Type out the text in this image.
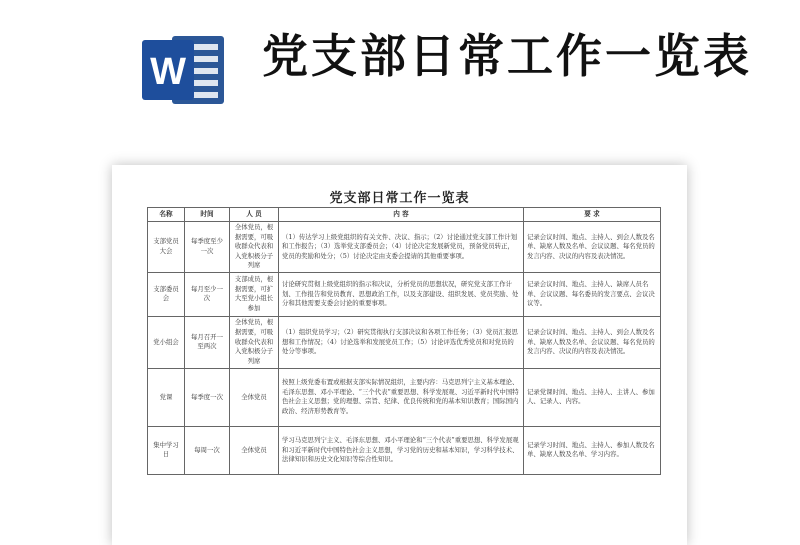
W 党支部日常工作一览表
党支部日常工作一览表
名称	时间	人 员	内 容	要 求
支部党员大会	每季度至少一次	全体党员，根据需要，可吸收群众代表和入党积极分子列席	（1）传达学习上级党组织的有关文件、决议、指示；（2）讨论通过党支部工作计划和工作报告；（3）选举党支部委员会；（4）讨论决定发展新党员，预备党员转正，党员的奖励和处分；（5）讨论决定由支委会提请的其他重要事项。	记录会议时间、地点、主持人、到会人数及名单、缺席人数及名单、会议议题、每名党员的发言内容、决议的内容及表决情况。
支部委员会	每月至少一次	支部成员，根据需要，可扩大至党小组长参加	讨论研究贯彻上级党组织的指示和决议，分析党员的思想状况，研究党支部工作计划、工作报告和党员教育、思想政治工作，以及支部建设、组织发展、党员奖励、处分和其他需要支委会讨论的重要事项。	记录会议时间、地点、主持人、缺席人员名单、会议议题、每名委员的发言要点、会议决议等。
党小组会	每月召开一至两次	全体党员，根据需要，可吸收群众代表和入党积极分子列席	（1）组织党员学习；（2）研究贯彻执行支部决议和各项工作任务；（3）党员汇报思想和工作情况；（4）讨论选举和发展党员工作；（5）讨论评选优秀党员和对党员的处分等事项。	记录会议时间、地点、主持人、到会人数及名单、缺席人数及名单、会议议题、每名党员的发言内容、决议的内容及表决情况。
党课	每季度一次	全体党员	按照上级党委布置或根据支部实际情况组织，主要内容：马克思列宁主义基本理论、毛泽东思想、邓小平理论、“三个代表”重要思想、科学发展观、习近平新时代中国特色社会主义思想；党的理想、宗旨、纪律、优良传统和党的基本知识教育；国际国内政治、经济形势教育等。	记录党课时间、地点、主持人、主讲人、参加人、记录人、内容。
集中学习日	每周一次	全体党员	学习马克思列宁主义、毛泽东思想、邓小平理论和“三个代表”重要思想、科学发展观和习近平新时代中国特色社会主义思想，学习党的历史和基本知识，学习科学技术、法律知识和历史文化知识等综合性知识。	记录学习时间、地点、主持人、参加人数及名单、缺席人数及名单、学习内容。
